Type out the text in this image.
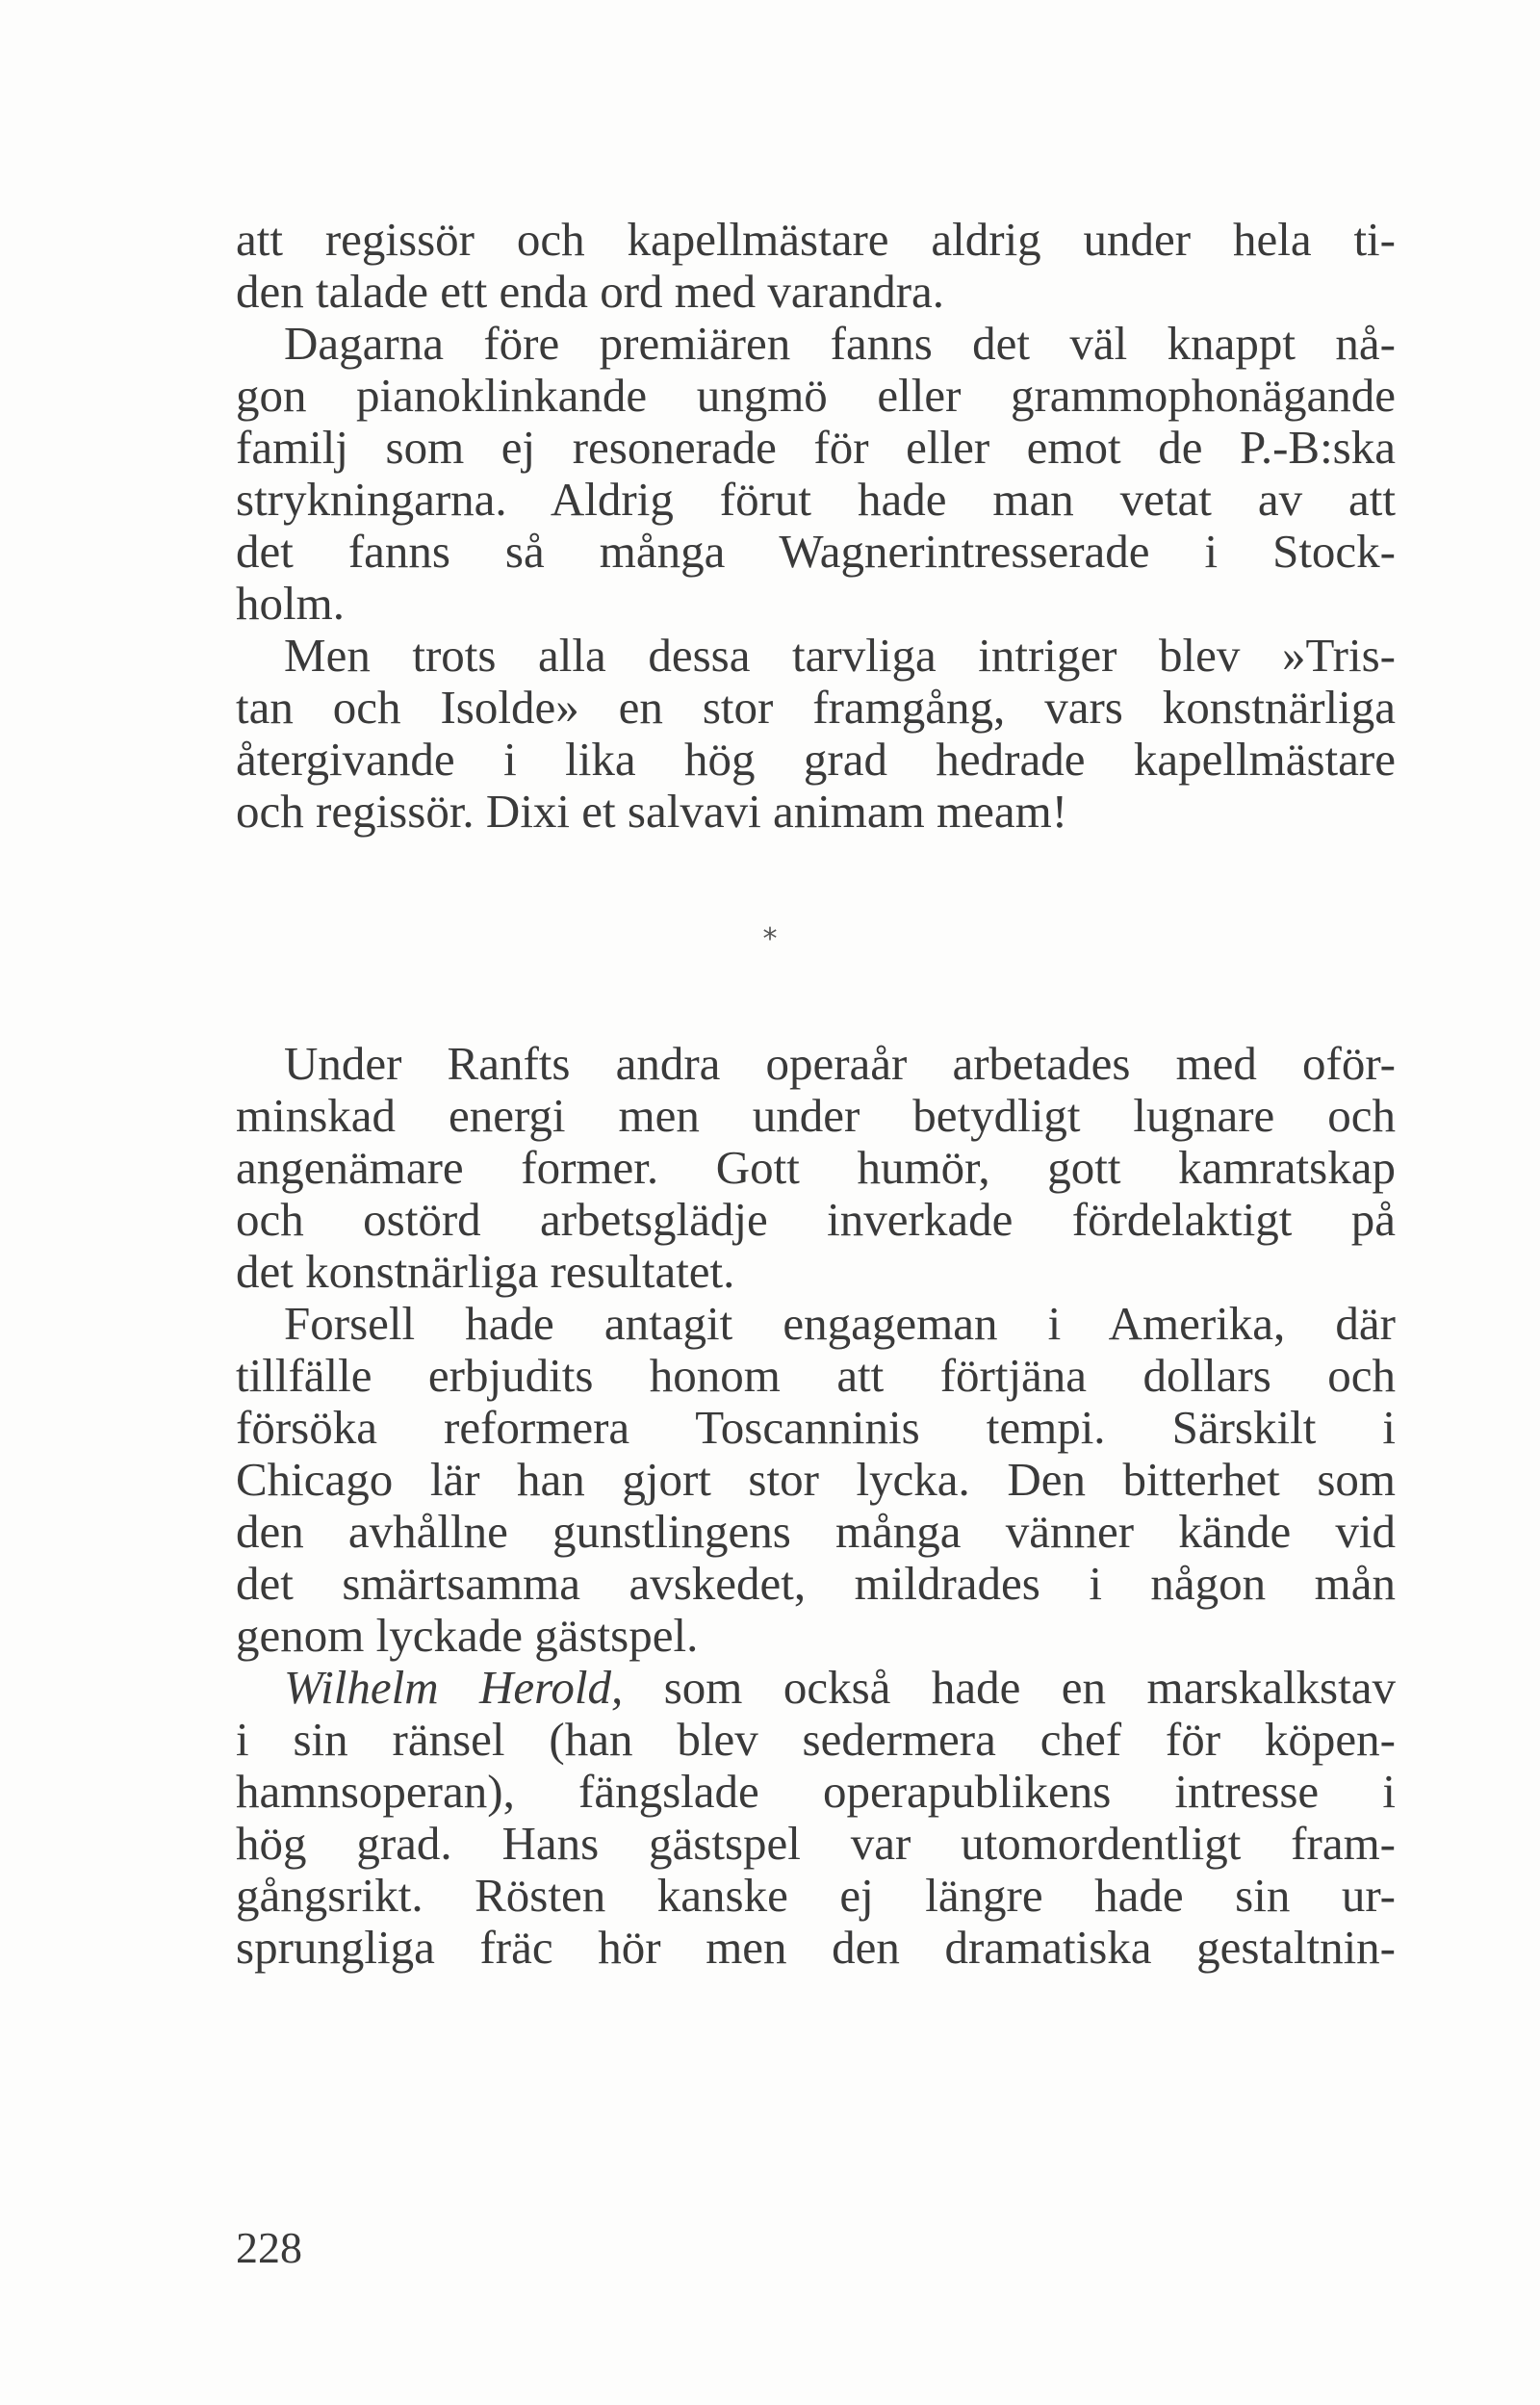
att regissör och kapellmästare aldrig under hela ti-
den talade ett enda ord med varandra.
Dagarna före premiären fanns det väl knappt nå-
gon pianoklinkande ungmö eller grammophonägande
familj som ej resonerade för eller emot de P.-B:ska
strykningarna. Aldrig förut hade man vetat av att
det fanns så många Wagnerintresserade i Stock-
holm.
Men trots alla dessa tarvliga intriger blev »Tris-
tan och Isolde» en stor framgång, vars konstnärliga
återgivande i lika hög grad hedrade kapellmästare
och regissör. Dixi et salvavi animam meam!
*
Under Ranfts andra operaår arbetades med oför-
minskad energi men under betydligt lugnare och
angenämare former. Gott humör, gott kamratskap
och ostörd arbetsglädje inverkade fördelaktigt på
det konstnärliga resultatet.
Forsell hade antagit engageman i Amerika, där
tillfälle erbjudits honom att förtjäna dollars och
försöka reformera Toscanninis tempi. Särskilt i
Chicago lär han gjort stor lycka. Den bitterhet som
den avhållne gunstlingens många vänner kände vid
det smärtsamma avskedet, mildrades i någon mån
genom lyckade gästspel.
Wilhelm Herold, som också hade en marskalkstav
i sin ränsel (han blev sedermera chef för köpen-
hamnsoperan), fängslade operapublikens intresse i
hög grad. Hans gästspel var utomordentligt fram-
gångsrikt. Rösten kanske ej längre hade sin ur-
sprungliga fräc hör men den dramatiska gestaltnin-
228
